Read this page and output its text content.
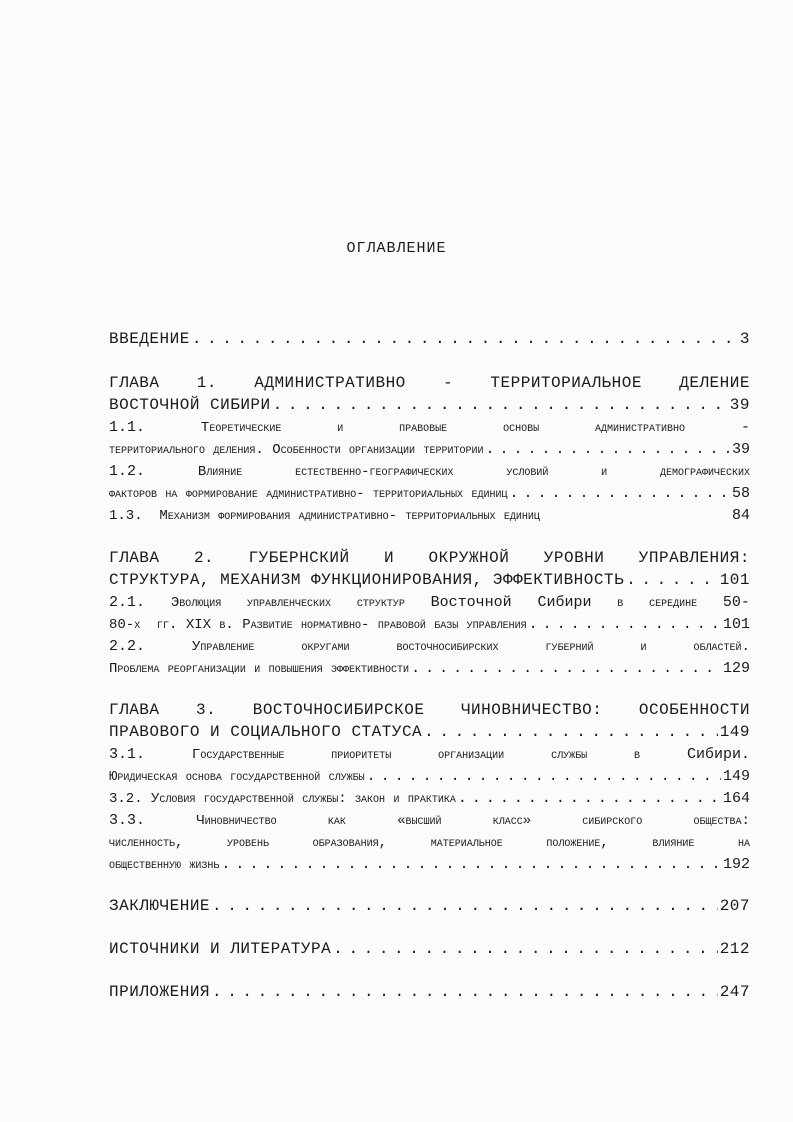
ОГЛАВЛЕНИЕ
ВВЕДЕНИЕ . . .	3
ГЛАВА 1. АДМИНИСТРАТИВНО - ТЕРРИТОРИАЛЬНОЕ ДЕЛЕНИЕ
ВОСТОЧНОЙ СИБИРИ . . .	39
1.1.	Теоретические	и	правовые	основы	административно	-
территориального деления. Особенности организации территории . . .	39
1.2.	Влияние	естественно-географических	условий	и	демографических
факторов на формирование административно- территориальных единиц . . .	58
1.3.  Механизм формирования административно- территориальных единиц	84
ГЛАВА 2. ГУБЕРНСКИЙ И ОКРУЖНОЙ УРОВНИ УПРАВЛЕНИЯ:
СТРУКТУРА, МЕХАНИЗМ ФУНКЦИОНИРОВАНИЯ, ЭФФЕКТИВНОСТЬ . . .	101
2.1. Эволюция управленческих структур Восточной Сибири в середине 50-
80-х  гг. XIX в. Развитие нормативно- правовой базы управления . . .	101
2.2.	Управление	округами	восточносибирских	губерний	и	областей.
Проблема реорганизации и повышения эффективности . . .	129
ГЛАВА 3. ВОСТОЧНОСИБИРСКОЕ ЧИНОВНИЧЕСТВО: ОСОБЕННОСТИ
ПРАВОВОГО И СОЦИАЛЬНОГО СТАТУСА . . .	149
3.1.	Государственные	приоритеты	организации	службы	в	Сибири.
Юридическая основа государственной службы . . .	149
3.2. Условия государственной службы: закон и практика . . .	164
3.3.	Чиновничество	как	«высший	класс»	сибирского	общества:
численность,	уровень	образования,	материальное	положение,	влияние	на
общественную жизнь . . .	192
ЗАКЛЮЧЕНИЕ . . .	207
ИСТОЧНИКИ И ЛИТЕРАТУРА . . .	212
ПРИЛОЖЕНИЯ . . .	247
